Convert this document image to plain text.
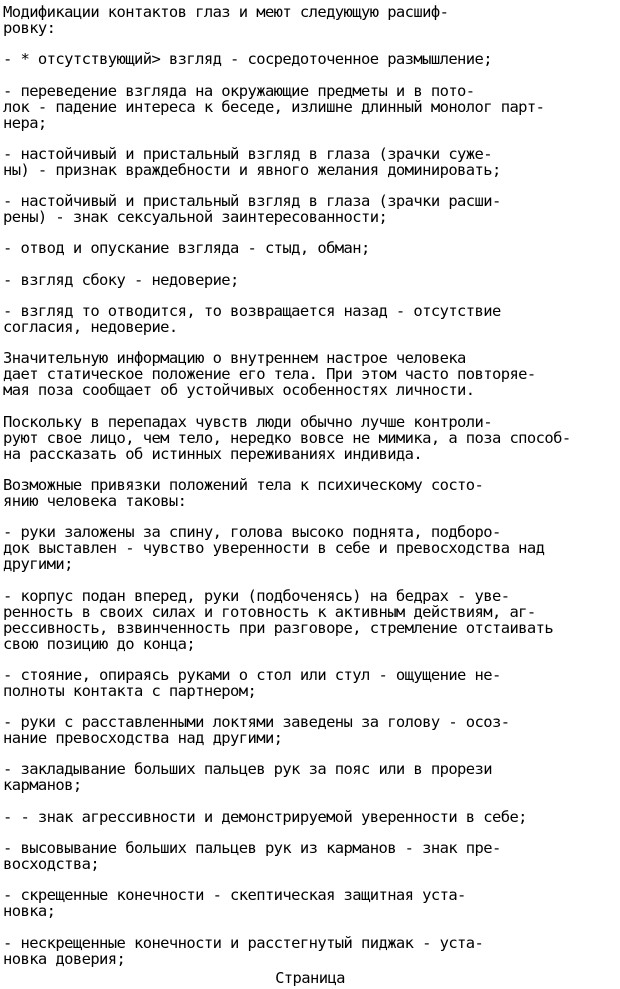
Модификации контактов глаз и меют следующую расшиф-
ровку:
- * отсутствующий> взгляд - сосредоточенное размышление;
- переведение взгляда на окружающие предметы и в пото-
лок - падение интереса к беседе, излишне длинный монолог парт-
нера;
- настойчивый и пристальный взгляд в глаза (зрачки суже-
ны) - признак враждебности и явного желания доминировать;
- настойчивый и пристальный взгляд в глаза (зрачки расши-
рены) - знак сексуальной заинтересованности;
- отвод и опускание взгляда - стыд, обман;
- взгляд сбоку - недоверие;
- взгляд то отводится, то возвращается назад - отсутствие
согласия, недоверие.
Значительную информацию о внутреннем настрое человека
дает статическое положение его тела. При этом часто повторяе-
мая поза сообщает об устойчивых особенностях личности.
Поскольку в перепадах чувств люди обычно лучше контроли-
руют свое лицо, чем тело, нередко вовсе не мимика, а поза способ-
на рассказать об истинных переживаниях индивида.
Возможные привязки положений тела к психическому состо-
янию человека таковы:
- руки заложены за спину, голова высоко поднята, подборо-
док выставлен - чувство уверенности в себе и превосходства над
другими;
- корпус подан вперед, руки (подбоченясь) на бедрах - уве-
ренность в своих силах и готовность к активным действиям, аг-
рессивность, взвинченность при разговоре, стремление отстаивать
свою позицию до конца;
- стояние, опираясь руками о стол или стул - ощущение не-
полноты контакта с партнером;
- руки с расставленными локтями заведены за голову - осоз-
нание превосходства над другими;
- закладывание больших пальцев рук за пояс или в прорези
карманов;
- - знак агрессивности и демонстрируемой уверенности в себе;
- высовывание больших пальцев рук из карманов - знак пре-
восходства;
- скрещенные конечности - скептическая защитная уста-
новка;
- нескрещенные конечности и расстегнутый пиджак - уста-
новка доверия;
Страница
